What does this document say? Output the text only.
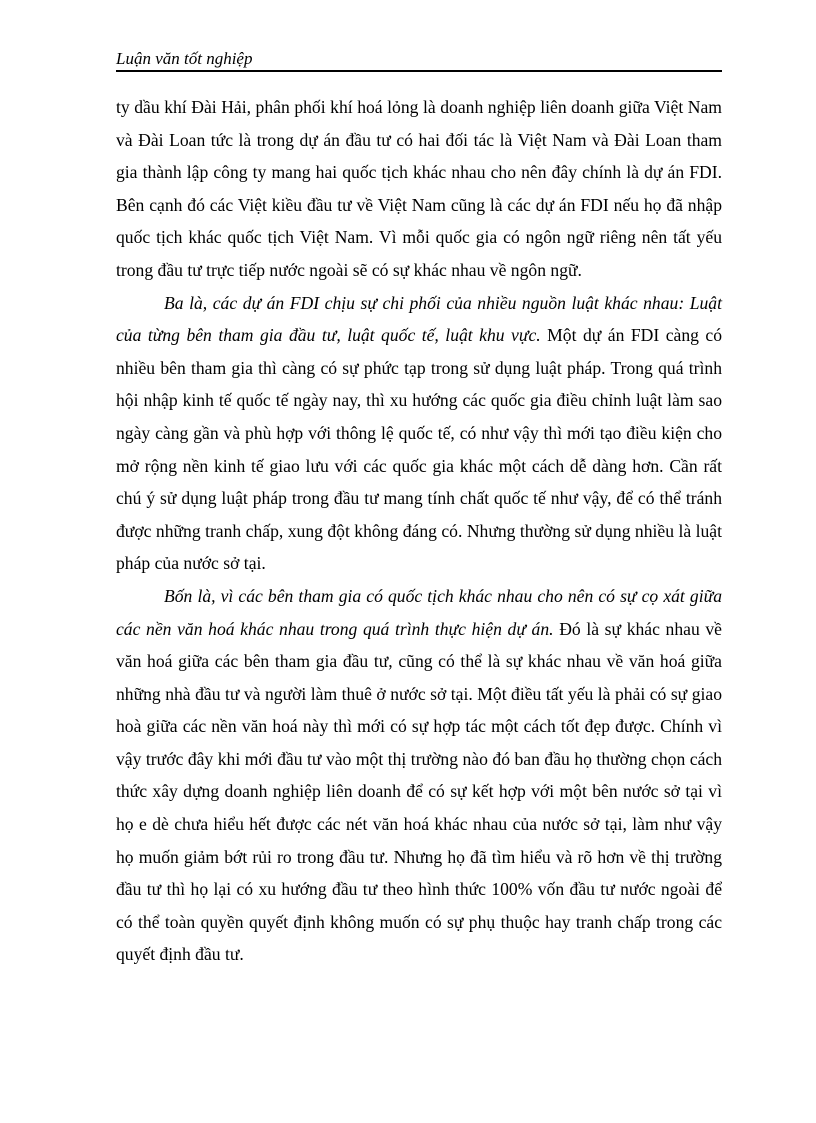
Luận văn tốt nghiệp

ty dầu khí Đài Hải, phân phối khí hoá lỏng là doanh nghiệp liên doanh giữa Việt Nam và Đài Loan tức là trong dự án đầu tư có hai đối tác là Việt Nam và Đài Loan tham gia thành lập công ty mang hai quốc tịch khác nhau cho nên đây chính là dự án FDI. Bên cạnh đó các Việt kiều đầu tư về Việt Nam cũng là các dự án FDI nếu họ đã nhập quốc tịch khác quốc tịch Việt Nam. Vì mỗi quốc gia có ngôn ngữ riêng nên tất yếu trong đầu tư trực tiếp nước ngoài sẽ có sự khác nhau về ngôn ngữ.

Ba là, các dự án FDI chịu sự chi phối của nhiều nguồn luật khác nhau: Luật của từng bên tham gia đầu tư, luật quốc tế, luật khu vực. Một dự án FDI càng có nhiều bên tham gia thì càng có sự phức tạp trong sử dụng luật pháp. Trong quá trình hội nhập kinh tế quốc tế ngày nay, thì xu hướng các quốc gia điều chỉnh luật làm sao ngày càng gần và phù hợp với thông lệ quốc tế, có như vậy thì mới tạo điều kiện cho mở rộng nền kinh tế giao lưu với các quốc gia khác một cách dễ dàng hơn. Cần rất chú ý sử dụng luật pháp trong đầu tư mang tính chất quốc tế như vậy, để có thể tránh được những tranh chấp, xung đột không đáng có. Nhưng thường sử dụng nhiều là luật pháp của nước sở tại.

Bốn là, vì các bên tham gia có quốc tịch khác nhau cho nên có sự cọ xát giữa các nền văn hoá khác nhau trong quá trình thực hiện dự án. Đó là sự khác nhau về văn hoá giữa các bên tham gia đầu tư, cũng có thể là sự khác nhau về văn hoá giữa những nhà đầu tư và người làm thuê ở nước sở tại. Một điều tất yếu là phải có sự giao hoà giữa các nền văn hoá này thì mới có sự hợp tác một cách tốt đẹp được. Chính vì vậy trước đây khi mới đầu tư vào một thị trường nào đó ban đầu họ thường chọn cách thức xây dựng doanh nghiệp liên doanh để có sự kết hợp với một bên nước sở tại vì họ e dè chưa hiểu hết được các nét văn hoá khác nhau của nước sở tại, làm như vậy họ muốn giảm bớt rủi ro trong đầu tư. Nhưng họ đã tìm hiểu và rõ hơn về thị trường đầu tư thì họ lại có xu hướng đầu tư theo hình thức 100% vốn đầu tư nước ngoài để có thể toàn quyền quyết định không muốn có sự phụ thuộc hay tranh chấp trong các quyết định đầu tư.
